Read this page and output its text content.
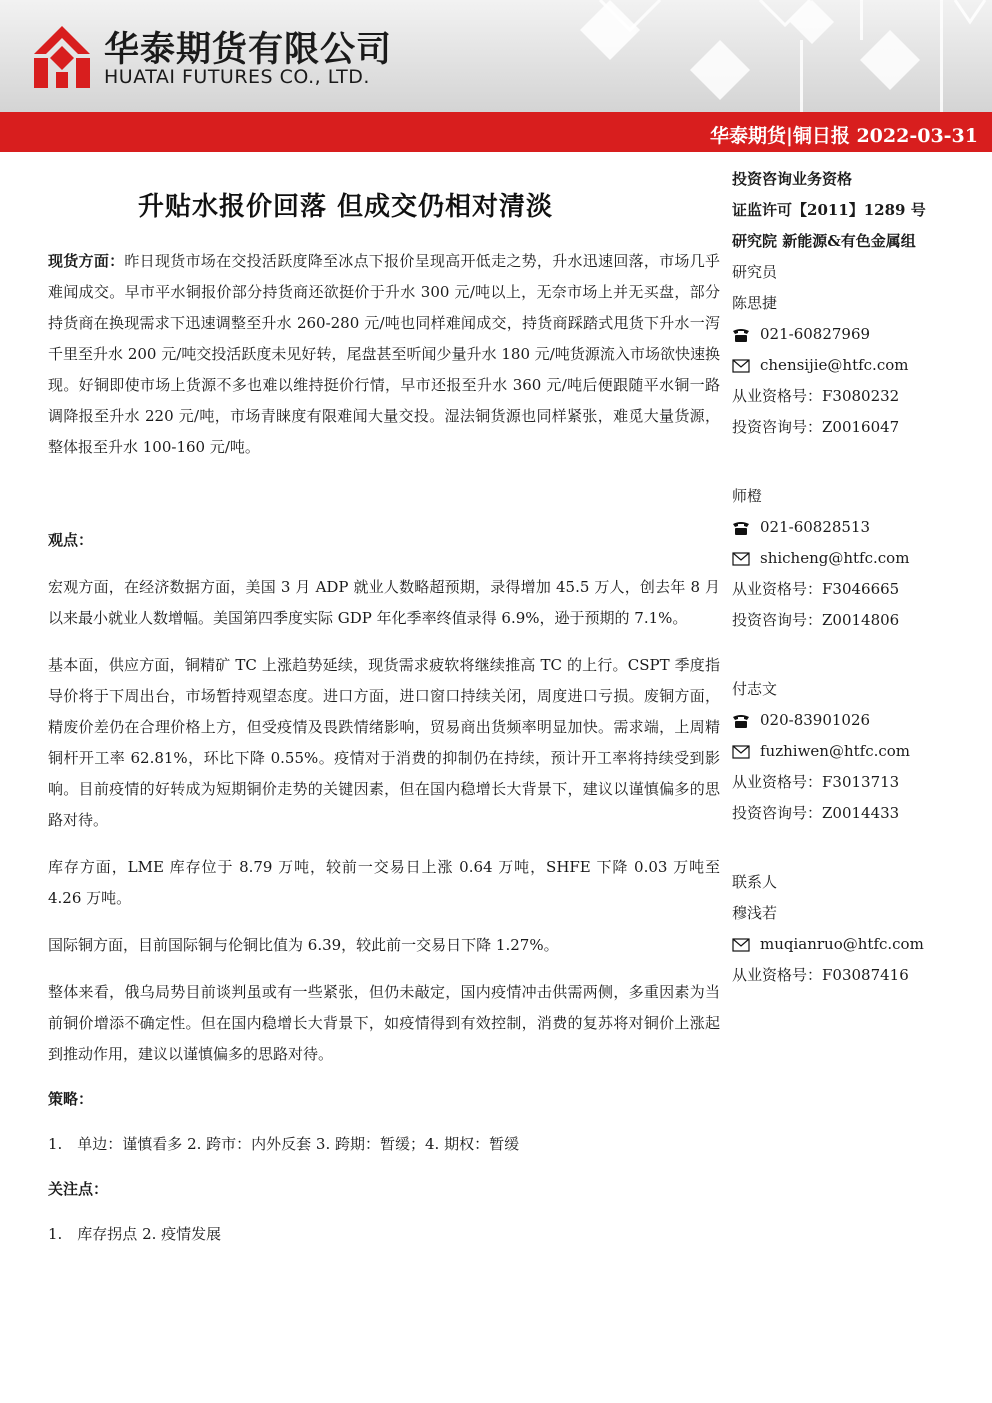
华泰期货有限公司
HUATAI FUTURES CO., LTD.
华泰期货|铜日报 2022-03-31
升贴水报价回落 但成交仍相对清淡

现货方面：昨日现货市场在交投活跃度降至冰点下报价呈现高开低走之势，升水迅速回落，市场几乎难闻成交。早市平水铜报价部分持货商还欲挺价于升水 300 元/吨以上，无奈市场上并无买盘，部分持货商在换现需求下迅速调整至升水 260-280 元/吨也同样难闻成交，持货商踩踏式甩货下升水一泻千里至升水 200 元/吨交投活跃度未见好转，尾盘甚至听闻少量升水 180 元/吨货源流入市场欲快速换现。好铜即使市场上货源不多也难以维持挺价行情，早市还报至升水 360 元/吨后便跟随平水铜一路调降报至升水 220 元/吨，市场青睐度有限难闻大量交投。湿法铜货源也同样紧张，难觅大量货源，整体报至升水 100-160 元/吨。

观点：

宏观方面，在经济数据方面，美国 3 月 ADP 就业人数略超预期，录得增加 45.5 万人，创去年 8 月以来最小就业人数增幅。美国第四季度实际 GDP 年化季率终值录得 6.9%，逊于预期的 7.1%。

基本面，供应方面，铜精矿 TC 上涨趋势延续，现货需求疲软将继续推高 TC 的上行。CSPT 季度指导价将于下周出台，市场暂持观望态度。进口方面，进口窗口持续关闭，周度进口亏损。废铜方面，精废价差仍在合理价格上方，但受疫情及畏跌情绪影响，贸易商出货频率明显加快。需求端，上周精铜杆开工率 62.81%，环比下降 0.55%。疫情对于消费的抑制仍在持续，预计开工率将持续受到影响。目前疫情的好转成为短期铜价走势的关键因素，但在国内稳增长大背景下，建议以谨慎偏多的思路对待。

库存方面，LME 库存位于 8.79 万吨，较前一交易日上涨 0.64 万吨，SHFE 下降 0.03 万吨至 4.26 万吨。

国际铜方面，目前国际铜与伦铜比值为 6.39，较此前一交易日下降 1.27%。

整体来看，俄乌局势目前谈判虽或有一些紧张，但仍未敲定，国内疫情冲击供需两侧，多重因素为当前铜价增添不确定性。但在国内稳增长大背景下，如疫情得到有效控制，消费的复苏将对铜价上涨起到推动作用，建议以谨慎偏多的思路对待。

策略：

1.　单边：谨慎看多 2. 跨市：内外反套 3. 跨期：暂缓；4. 期权：暂缓

关注点：

1.　库存拐点 2. 疫情发展

投资咨询业务资格
证监许可【2011】1289 号
研究院 新能源&有色金属组
研究员
陈思捷
021-60827969
chensijie@htfc.com
从业资格号：F3080232
投资咨询号：Z0016047
师橙
021-60828513
shicheng@htfc.com
从业资格号：F3046665
投资咨询号：Z0014806
付志文
020-83901026
fuzhiwen@htfc.com
从业资格号：F3013713
投资咨询号：Z0014433
联系人
穆浅若
muqianruo@htfc.com
从业资格号：F03087416
